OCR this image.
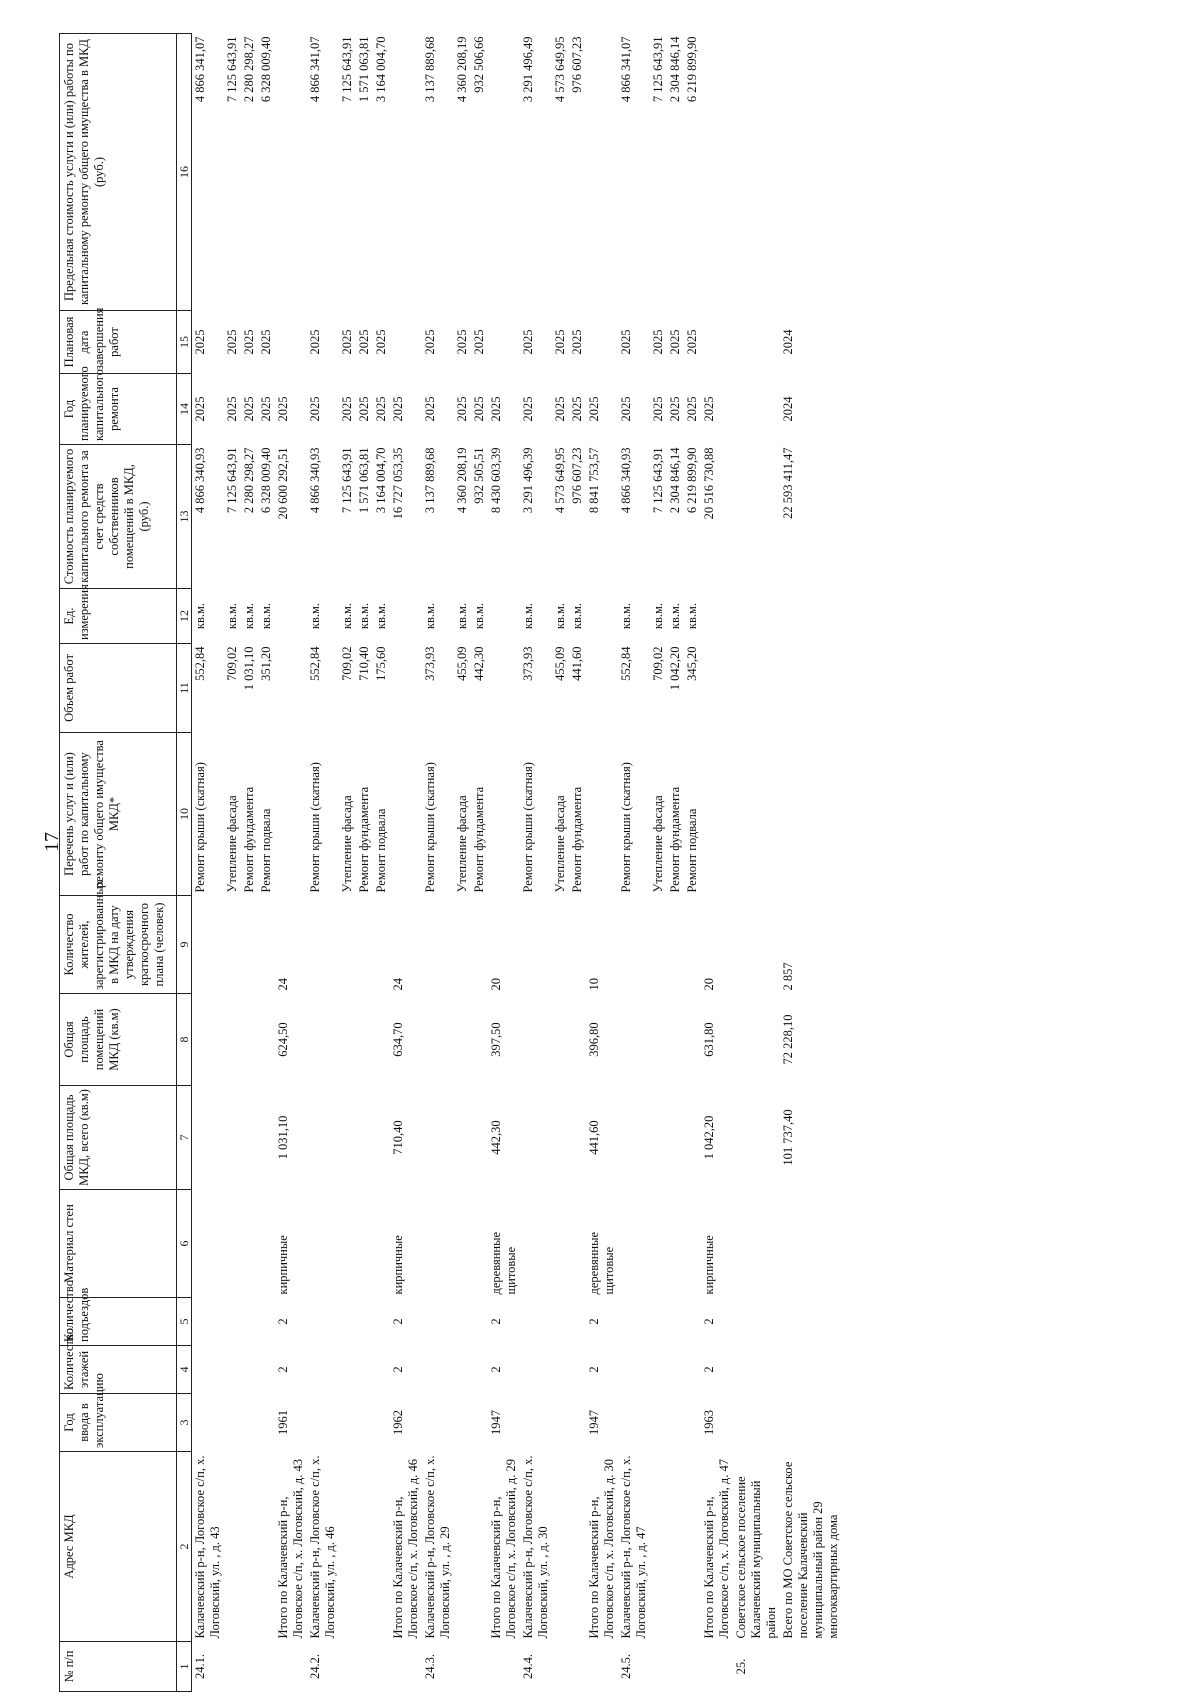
17
№ п/п	Адрес МКД	Год ввода в эксплуатацию	Количество этажей	Количество подъездов	Материал стен	Общая площадь МКД, всего (кв.м)	Общая площадь помещений МКД (кв.м)	Количество жителей, зарегистрированных в МКД на дату утверждения краткосрочного плана (человек)	Перечень услуг и (или) работ по капитальному ремонту общего имущества МКД*	Объем работ	Ед. измерения	Стоимость планируемого капитального ремонта за счет средств собственников помещений в МКД, (руб.)	Год планируемого капитального ремонта	Плановая дата завершения работ	Предельная стоимость услуги и (или) работы по капитальному ремонту общего имущества в МКД (руб.)
1	2	3	4	5	6	7	8	9	10	11	12	13	14	15	16
24.1.	Калачевский р-н, Логовское с/п, х. Логовский, ул. , д. 43								Ремонт крыши (скатная)	552,84	кв.м.	4 866 340,93	2025	2025	4 866 341,07
									Утепление фасада	709,02	кв.м.	7 125 643,91	2025	2025	7 125 643,91
									Ремонт фундамента	1 031,10	кв.м.	2 280 298,27	2025	2025	2 280 298,27
									Ремонт подвала	351,20	кв.м.	6 328 009,40	2025	2025	6 328 009,40
	Итого по Калачевский р-н, Логовское с/п, х. Логовский, д. 43	1961	2	2	кирпичные	1 031,10	624,50	24				20 600 292,51	2025		
24.2.	Калачевский р-н, Логовское с/п, х. Логовский, ул. , д. 46								Ремонт крыши (скатная)	552,84	кв.м.	4 866 340,93	2025	2025	4 866 341,07
									Утепление фасада	709,02	кв.м.	7 125 643,91	2025	2025	7 125 643,91
									Ремонт фундамента	710,40	кв.м.	1 571 063,81	2025	2025	1 571 063,81
									Ремонт подвала	175,60	кв.м.	3 164 004,70	2025	2025	3 164 004,70
	Итого по Калачевский р-н, Логовское с/п, х. Логовский, д. 46	1962	2	2	кирпичные	710,40	634,70	24				16 727 053,35	2025		
24.3.	Калачевский р-н, Логовское с/п, х. Логовский, ул. , д. 29								Ремонт крыши (скатная)	373,93	кв.м.	3 137 889,68	2025	2025	3 137 889,68
									Утепление фасада	455,09	кв.м.	4 360 208,19	2025	2025	4 360 208,19
									Ремонт фундамента	442,30	кв.м.	932 505,51	2025	2025	932 506,66
	Итого по Калачевский р-н, Логовское с/п, х. Логовский, д. 29	1947	2	2	деревянные щитовые	442,30	397,50	20				8 430 603,39	2025		
24.4.	Калачевский р-н, Логовское с/п, х. Логовский, ул. , д. 30								Ремонт крыши (скатная)	373,93	кв.м.	3 291 496,39	2025	2025	3 291 496,49
									Утепление фасада	455,09	кв.м.	4 573 649,95	2025	2025	4 573 649,95
									Ремонт фундамента	441,60	кв.м.	976 607,23	2025	2025	976 607,23
	Итого по Калачевский р-н, Логовское с/п, х. Логовский, д. 30	1947	2	2	деревянные щитовые	441,60	396,80	10				8 841 753,57	2025		
24.5.	Калачевский р-н, Логовское с/п, х. Логовский, ул. , д. 47								Ремонт крыши (скатная)	552,84	кв.м.	4 866 340,93	2025	2025	4 866 341,07
									Утепление фасада	709,02	кв.м.	7 125 643,91	2025	2025	7 125 643,91
									Ремонт фундамента	1 042,20	кв.м.	2 304 846,14	2025	2025	2 304 846,14
									Ремонт подвала	345,20	кв.м.	6 219 899,90	2025	2025	6 219 899,90
	Итого по Калачевский р-н, Логовское с/п, х. Логовский, д. 47	1963	2	2	кирпичные	1 042,20	631,80	20				20 516 730,88	2025		
25.	Советское сельское поселение Калачевский муниципальный район														
	Всего по МО Советское сельское поселение Калачевский муниципальный район 29 многоквартирных дома					101 737,40	72 228,10	2 857				22 593 411,47	2024	2024	
